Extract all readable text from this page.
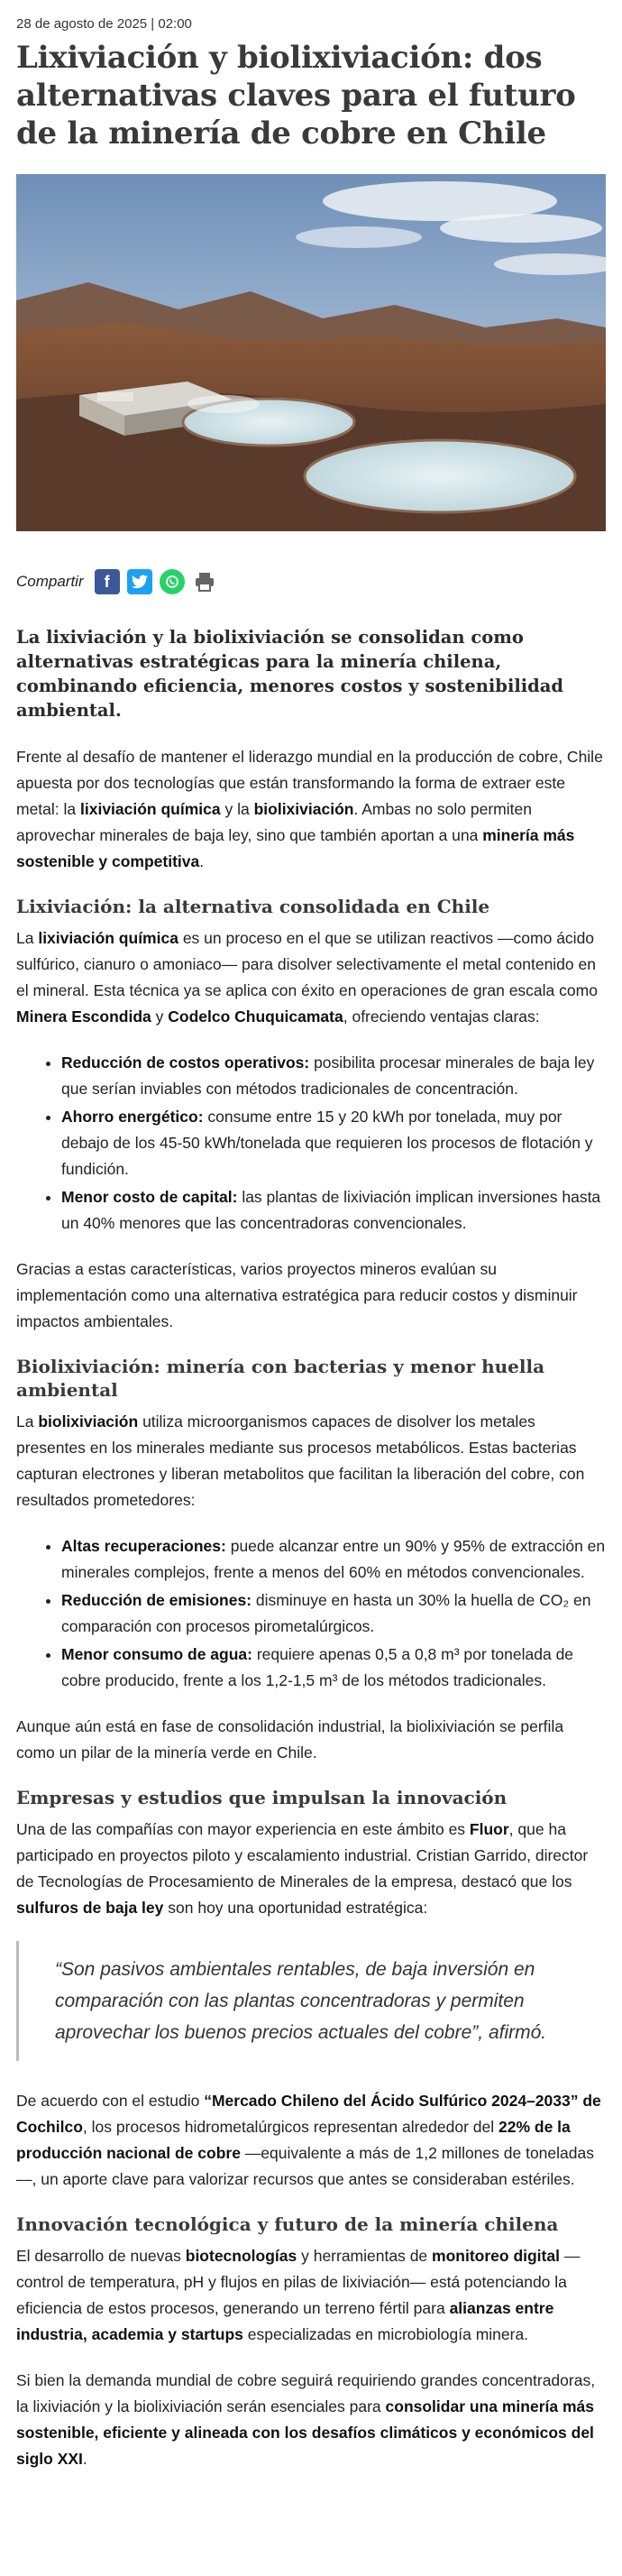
28 de agosto de 2025 | 02:00
Lixiviación y biolixiviación: dos alternativas claves para el futuro de la minería de cobre en Chile
Compartir	f
La lixiviación y la biolixiviación se consolidan como alternativas estratégicas para la minería chilena, combinando eficiencia, menores costos y sostenibilidad ambiental.

Frente al desafío de mantener el liderazgo mundial en la producción de cobre, Chile apuesta por dos tecnologías que están transformando la forma de extraer este metal: la lixiviación química y la biolixiviación. Ambas no solo permiten aprovechar minerales de baja ley, sino que también aportan a una minería más sostenible y competitiva.

Lixiviación: la alternativa consolidada en Chile

La lixiviación química es un proceso en el que se utilizan reactivos —como ácido sulfúrico, cianuro o amoniaco— para disolver selectivamente el metal contenido en el mineral. Esta técnica ya se aplica con éxito en operaciones de gran escala como Minera Escondida y Codelco Chuquicamata, ofreciendo ventajas claras:

• Reducción de costos operativos: posibilita procesar minerales de baja ley que serían inviables con métodos tradicionales de concentración.
• Ahorro energético: consume entre 15 y 20 kWh por tonelada, muy por debajo de los 45-50 kWh/tonelada que requieren los procesos de flotación y fundición.
• Menor costo de capital: las plantas de lixiviación implican inversiones hasta un 40% menores que las concentradoras convencionales.

Gracias a estas características, varios proyectos mineros evalúan su implementación como una alternativa estratégica para reducir costos y disminuir impactos ambientales.

Biolixiviación: minería con bacterias y menor huella ambiental

La biolixiviación utiliza microorganismos capaces de disolver los metales presentes en los minerales mediante sus procesos metabólicos. Estas bacterias capturan electrones y liberan metabolitos que facilitan la liberación del cobre, con resultados prometedores:

• Altas recuperaciones: puede alcanzar entre un 90% y 95% de extracción en minerales complejos, frente a menos del 60% en métodos convencionales.
• Reducción de emisiones: disminuye en hasta un 30% la huella de CO₂ en comparación con procesos pirometalúrgicos.
• Menor consumo de agua: requiere apenas 0,5 a 0,8 m³ por tonelada de cobre producido, frente a los 1,2-1,5 m³ de los métodos tradicionales.

Aunque aún está en fase de consolidación industrial, la biolixiviación se perfila como un pilar de la minería verde en Chile.

Empresas y estudios que impulsan la innovación

Una de las compañías con mayor experiencia en este ámbito es Fluor, que ha participado en proyectos piloto y escalamiento industrial. Cristian Garrido, director de Tecnologías de Procesamiento de Minerales de la empresa, destacó que los sulfuros de baja ley son hoy una oportunidad estratégica:

“Son pasivos ambientales rentables, de baja inversión en comparación con las plantas concentradoras y permiten aprovechar los buenos precios actuales del cobre”, afirmó.

De acuerdo con el estudio “Mercado Chileno del Ácido Sulfúrico 2024–2033” de Cochilco, los procesos hidrometalúrgicos representan alrededor del 22% de la producción nacional de cobre —equivalente a más de 1,2 millones de toneladas—, un aporte clave para valorizar recursos que antes se consideraban estériles.

Innovación tecnológica y futuro de la minería chilena

El desarrollo de nuevas biotecnologías y herramientas de monitoreo digital —control de temperatura, pH y flujos en pilas de lixiviación— está potenciando la eficiencia de estos procesos, generando un terreno fértil para alianzas entre industria, academia y startups especializadas en microbiología minera.

Si bien la demanda mundial de cobre seguirá requiriendo grandes concentradoras, la lixiviación y la biolixiviación serán esenciales para consolidar una minería más sostenible, eficiente y alineada con los desafíos climáticos y económicos del siglo XXI.
